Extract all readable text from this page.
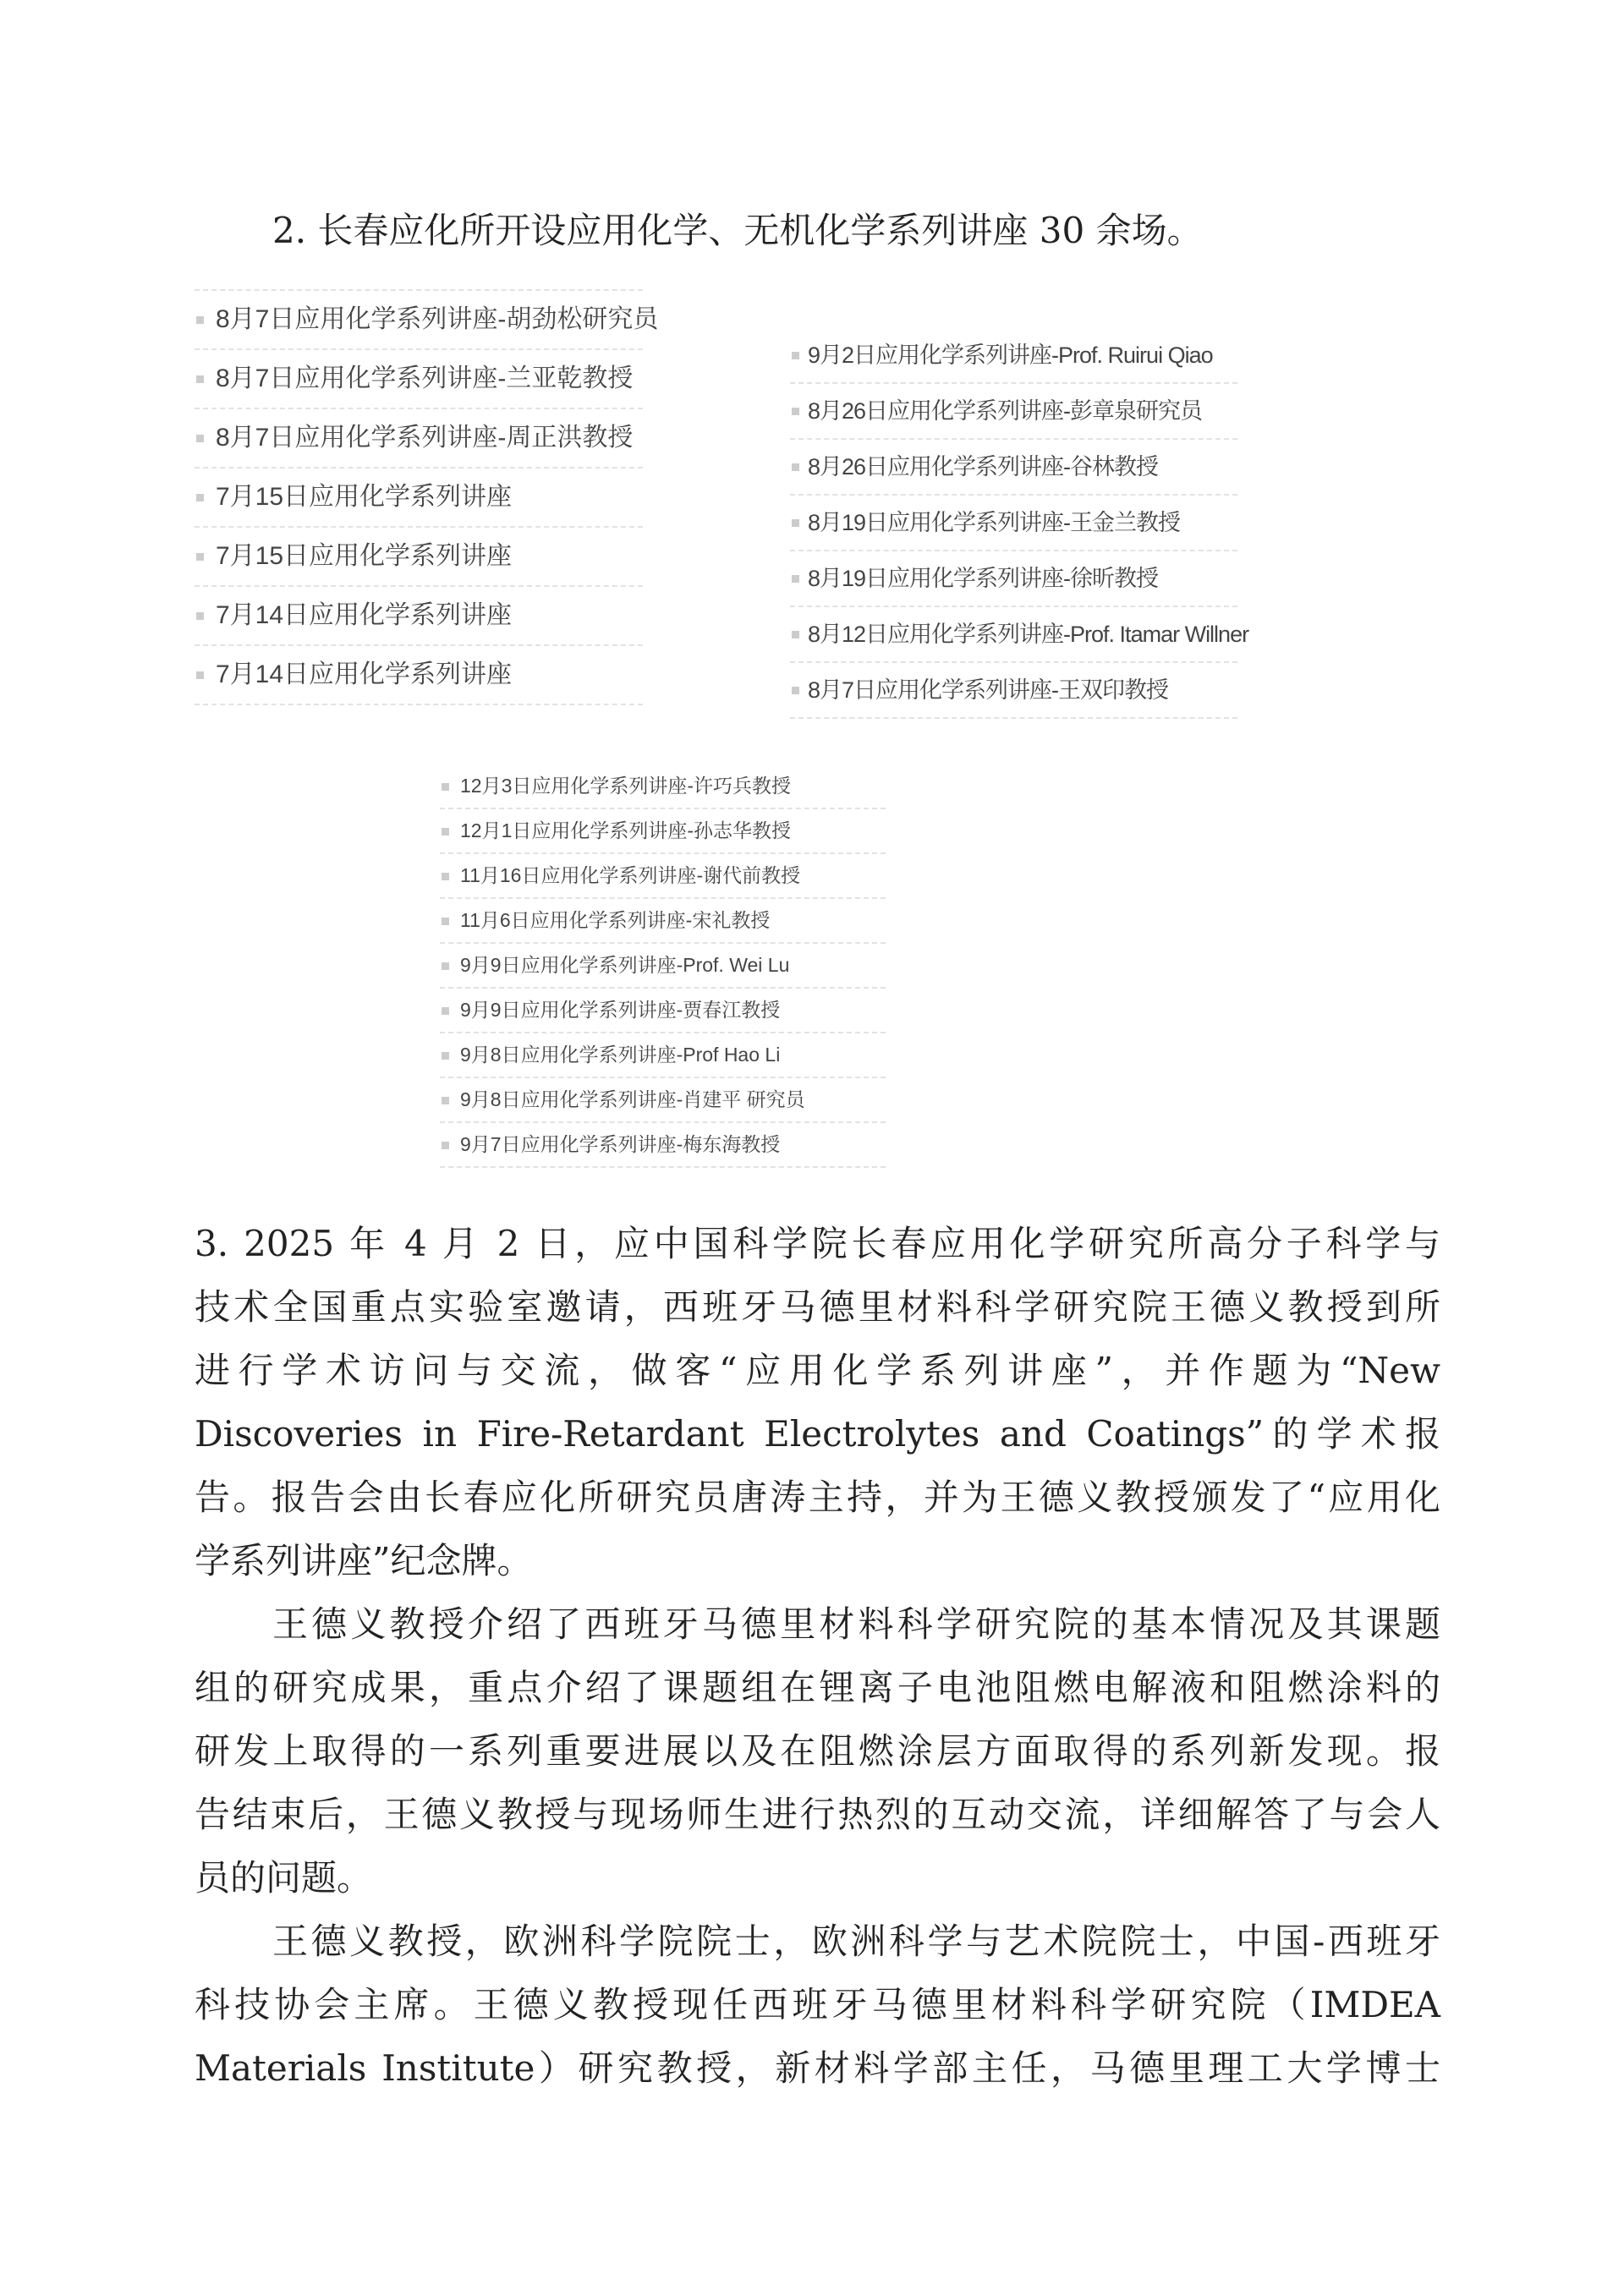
2. 长春应化所开设应用化学、无机化学系列讲座 30 余场。
8月7日应用化学系列讲座-胡劲松研究员
8月7日应用化学系列讲座-兰亚乾教授
8月7日应用化学系列讲座-周正洪教授
7月15日应用化学系列讲座
7月15日应用化学系列讲座
7月14日应用化学系列讲座
7月14日应用化学系列讲座
9月2日应用化学系列讲座-Prof. Ruirui Qiao
8月26日应用化学系列讲座-彭章泉研究员
8月26日应用化学系列讲座-谷林教授
8月19日应用化学系列讲座-王金兰教授
8月19日应用化学系列讲座-徐昕教授
8月12日应用化学系列讲座-Prof. Itamar Willner
8月7日应用化学系列讲座-王双印教授
12月3日应用化学系列讲座-许巧兵教授
12月1日应用化学系列讲座-孙志华教授
11月16日应用化学系列讲座-谢代前教授
11月6日应用化学系列讲座-宋礼教授
9月9日应用化学系列讲座-Prof. Wei Lu
9月9日应用化学系列讲座-贾春江教授
9月8日应用化学系列讲座-Prof Hao Li
9月8日应用化学系列讲座-肖建平 研究员
9月7日应用化学系列讲座-梅东海教授
3. 2025 年 4 月 2 日，应中国科学院长春应用化学研究所高分子科学与
技术全国重点实验室邀请，西班牙马德里材料科学研究院王德义教授到所
进行学术访问与交流，做客“应用化学系列讲座”，并作题为“New
Discoveries in Fire-Retardant Electrolytes and Coatings”的学术报
告。报告会由长春应化所研究员唐涛主持，并为王德义教授颁发了“应用化
学系列讲座”纪念牌。
王德义教授介绍了西班牙马德里材料科学研究院的基本情况及其课题
组的研究成果，重点介绍了课题组在锂离子电池阻燃电解液和阻燃涂料的
研发上取得的一系列重要进展以及在阻燃涂层方面取得的系列新发现。报
告结束后，王德义教授与现场师生进行热烈的互动交流，详细解答了与会人
员的问题。
王德义教授，欧洲科学院院士，欧洲科学与艺术院院士，中国-西班牙
科技协会主席。王德义教授现任西班牙马德里材料科学研究院（IMDEA
Materials Institute）研究教授，新材料学部主任，马德里理工大学博士
